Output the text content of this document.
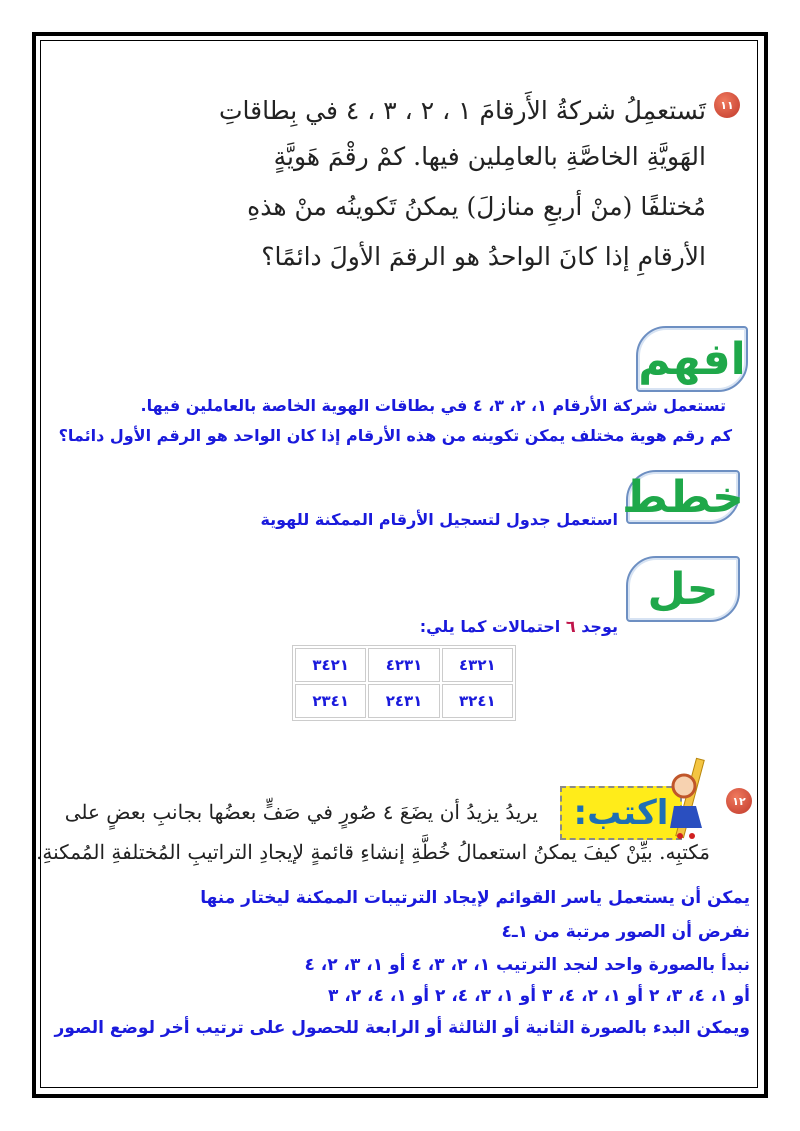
١١
تَستعمِلُ شركةُ الأَرقامَ ١ ، ٢ ، ٣ ، ٤ في بِطاقاتِ
الهَويَّةِ الخاصَّةِ بالعامِلين فيها. كمْ رقْمَ هَويَّةٍ
مُختلفًا (منْ أربعِ منازلَ) يمكنُ تَكوينُه منْ هذهِ
الأرقامِ إذا كانَ الواحدُ هو الرقمَ الأولَ دائمًا؟
افهم
تستعمل شركة الأرقام ١، ٢، ٣، ٤ في بطاقات الهوية الخاصة بالعاملين فيها.
كم رقم هوية مختلف يمكن تكوينه من هذه الأرقام إذا كان الواحد هو الرقم الأول دائما؟
خطط
استعمل جدول لتسجيل الأرقام الممكنة للهوية
حل
يوجد ٦ احتمالات كما يلي:
٤٣٢١	٤٢٣١	٣٤٢١
٣٢٤١	٢٤٣١	٢٣٤١
١٢
اكتب:
يريدُ يزيدُ أن يضَعَ ٤ صُورٍ في صَفٍّ بعضُها بجانبِ بعضٍ على
مَكتبِه. بيِّنْ كيفَ يمكنُ استعمالُ خُطَّةِ إنشاءِ قائمةٍ لإيجادِ التراتيبِ المُختلفةِ المُمكنةِ.
يمكن أن يستعمل ياسر القوائم لإيجاد الترتيبات الممكنة ليختار منها
نفرض أن الصور مرتبة من ١ـ٤
نبدأ بالصورة واحد لنجد الترتيب ١، ٢، ٣، ٤ أو ١، ٣، ٢، ٤
أو ١، ٤، ٣، ٢ أو ١، ٢، ٤، ٣ أو ١، ٣، ٤، ٢ أو ١، ٤، ٢، ٣
ويمكن البدء بالصورة الثانية أو الثالثة أو الرابعة للحصول على ترتيب أخر لوضع الصور
